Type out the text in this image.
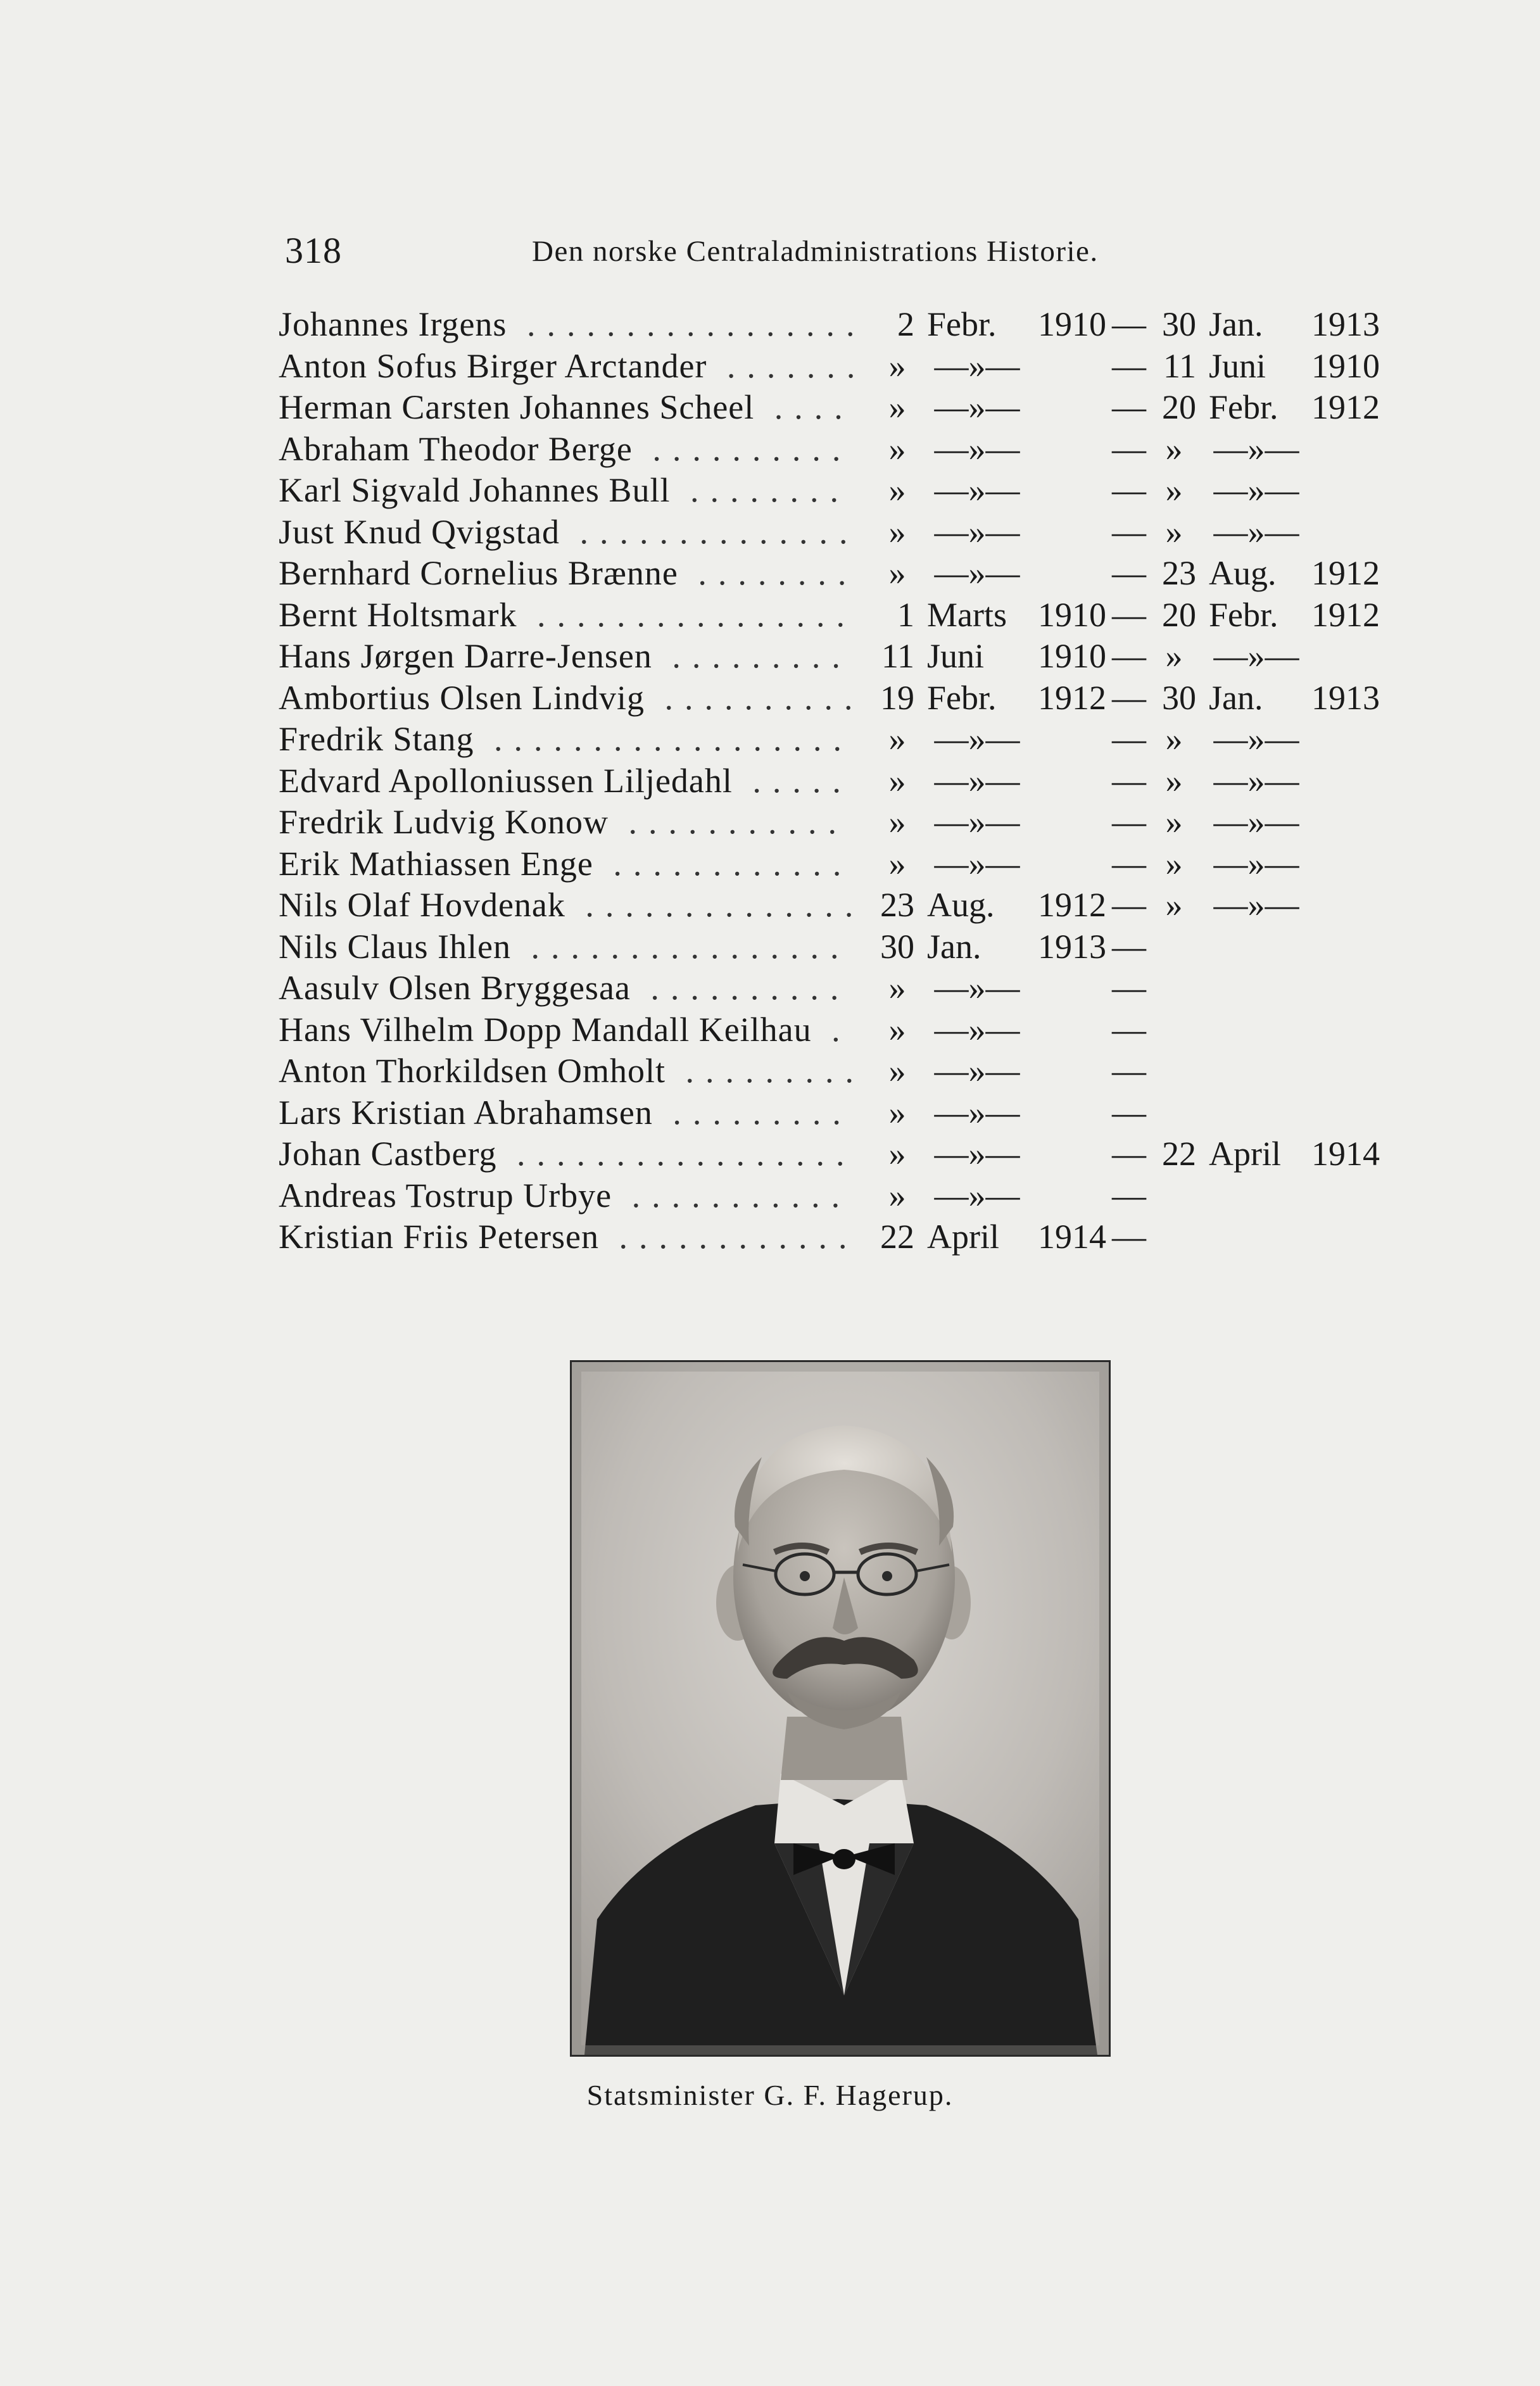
318	Den norske Centraladministrations Historie.
Johannes Irgens .................	2	Febr.	1910	—	30	Jan.	1913
Anton Sofus Birger Arctander .......	»	—»—		—	11	Juni	1910
Herman Carsten Johannes Scheel ....	»	—»—		—	20	Febr.	1912
Abraham Theodor Berge ..........	»	—»—		—	»	—»—	
Karl Sigvald Johannes Bull ........	»	—»—		—	»	—»—	
Just Knud Qvigstad ..............	»	—»—		—	»	—»—	
Bernhard Cornelius Brænne ........	»	—»—		—	23	Aug.	1912
Bernt Holtsmark ................	1	Marts	1910	—	20	Febr.	1912
Hans Jørgen Darre-Jensen .........	11	Juni	1910	—	»	—»—	
Ambortius Olsen Lindvig ..........	19	Febr.	1912	—	30	Jan.	1913
Fredrik Stang ..................	»	—»—		—	»	—»—	
Edvard Apolloniussen Liljedahl .....	»	—»—		—	»	—»—	
Fredrik Ludvig Konow ...........	»	—»—		—	»	—»—	
Erik Mathiassen Enge ............	»	—»—		—	»	—»—	
Nils Olaf Hovdenak ..............	23	Aug.	1912	—	»	—»—	
Nils Claus Ihlen ................	30	Jan.	1913	—			
Aasulv Olsen Bryggesaa ..........	»	—»—		—			
Hans Vilhelm Dopp Mandall Keilhau .	»	—»—		—			
Anton Thorkildsen Omholt .........	»	—»—		—			
Lars Kristian Abrahamsen .........	»	—»—		—			
Johan Castberg .................	»	—»—		—	22	April	1914
Andreas Tostrup Urbye ...........	»	—»—		—			
Kristian Friis Petersen ............	22	April	1914	—			
Statsminister G. F. Hagerup.
